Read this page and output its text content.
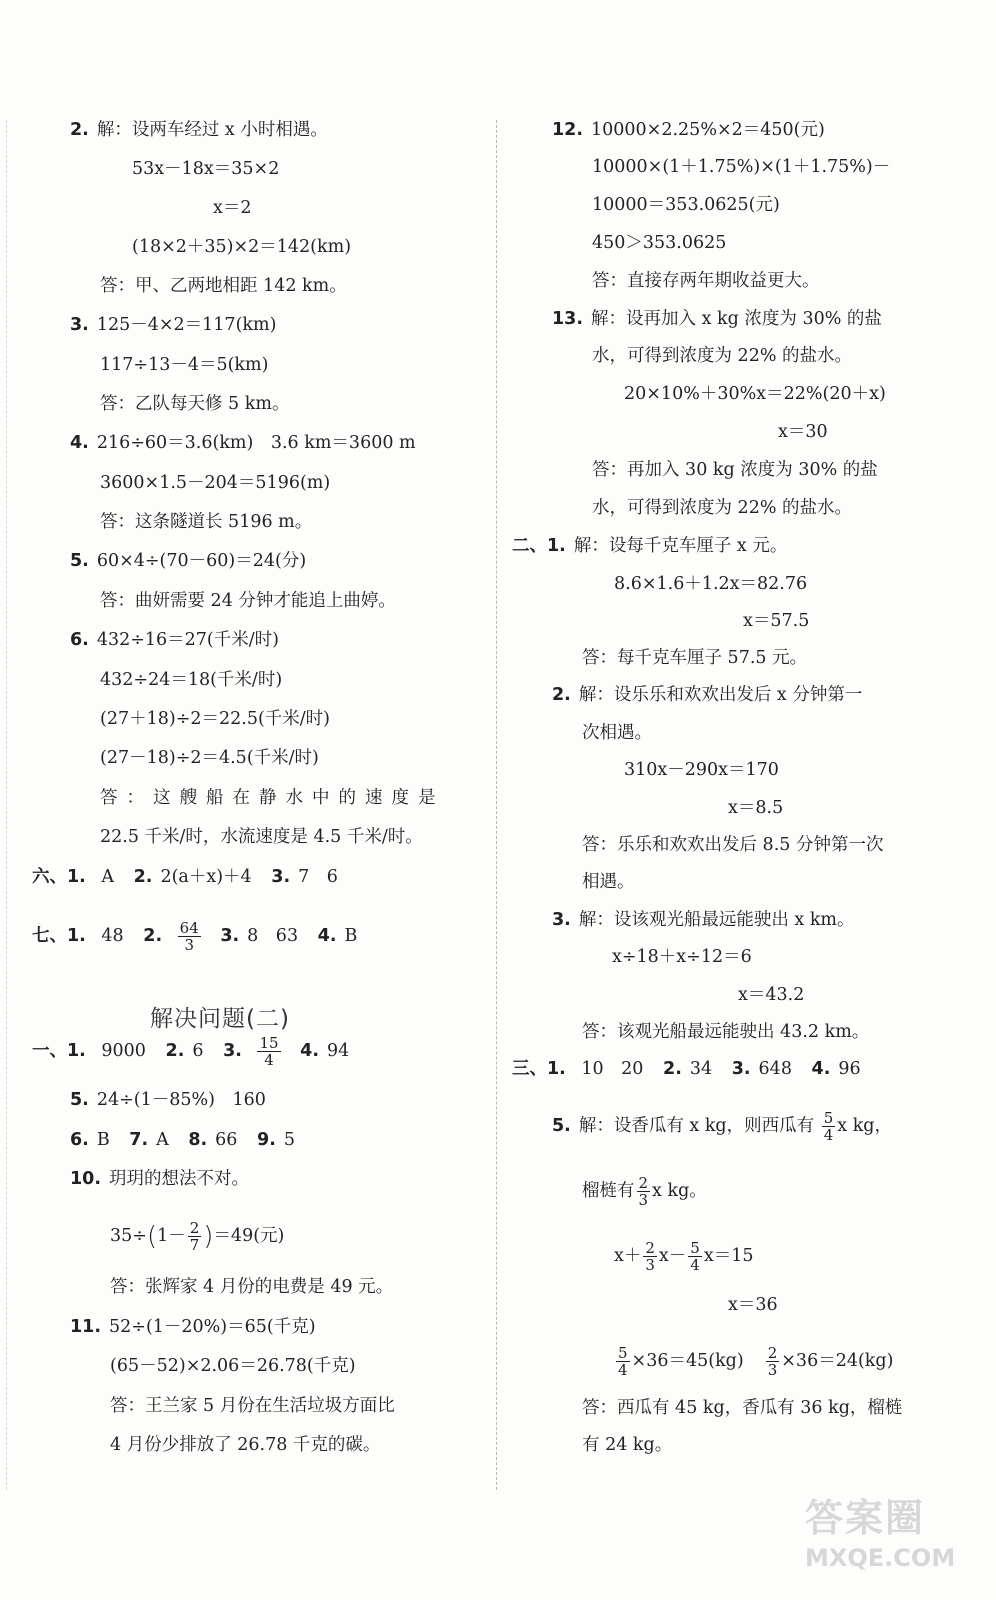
2. 解：设两车经过 x 小时相遇。
53x－18x＝35×2
x＝2
(18×2＋35)×2＝142(km)
答：甲、乙两地相距 142 km。
3. 125－4×2＝117(km)
117÷13－4＝5(km)
答：乙队每天修 5 km。
4. 216÷60＝3.6(km)　3.6 km＝3600 m
3600×1.5－204＝5196(m)
答：这条隧道长 5196 m。
5. 60×4÷(70－60)＝24(分)
答：曲妍需要 24 分钟才能追上曲婷。
6. 432÷16＝27(千米/时)
432÷24＝18(千米/时)
(27＋18)÷2＝22.5(千米/时)
(27－18)÷2＝4.5(千米/时)
答：这艘船在静水中的速度是
22.5 千米/时，水流速度是 4.5 千米/时。
六、1. A 2. 2(a＋x)＋4 3. 7　6
七、1. 48 2. $\frac{64}{3} 3$. 8　63 4. B
解决问题(二)
一、1. 9000 2. 6 3. $\frac{15}{4} 4$. 94
5. 24÷(1－85%)　160
6. B 7. A 8. 66 9. 5
10. 玥玥的想法不对。
$35\div(1- \frac{2}{7} )=49$(元)
答：张辉家 4 月份的电费是 49 元。
11. 52÷(1－20%)＝65(千克)
(65－52)×2.06＝26.78(千克)
答：王兰家 5 月份在生活垃圾方面比
4 月份少排放了 26.78 千克的碳。
12. 10000×2.25%×2＝450(元)
10000×(1＋1.75%)×(1＋1.75%)－
10000＝353.0625(元)
450＞353.0625
答：直接存两年期收益更大。
13. 解：设再加入 x kg 浓度为 30% 的盐
水，可得到浓度为 22% 的盐水。
20×10%＋30%x＝22%(20＋x)
x＝30
答：再加入 30 kg 浓度为 30% 的盐
水，可得到浓度为 22% 的盐水。
二、1. 解：设每千克车厘子 x 元。
8.6×1.6＋1.2x＝82.76
x＝57.5
答：每千克车厘子 57.5 元。
2. 解：设乐乐和欢欢出发后 x 分钟第一
次相遇。
310x－290x＝170
x＝8.5
答：乐乐和欢欢出发后 8.5 分钟第一次
相遇。
3. 解：设该观光船最远能驶出 x km。
x÷18＋x÷12＝6
x＝43.2
答：该观光船最远能驶出 43.2 km。
三、1. 10　20 2. 34 3. 648 4. 96
5. 解：设香瓜有 x kg，则西瓜有 $\frac{5}{4}$ x kg，
榴梿有 $\frac{2}{3}$ x kg。
$x+ \frac{2}{3} x- \frac{5}{4} x=15$
x＝36
$\frac{5}{4} \times 36=45(kg) \frac{2}{3} \times 36=24(kg)$
答：西瓜有 45 kg，香瓜有 36 kg，榴梿
有 24 kg。
答案圈
MXQE.COM
